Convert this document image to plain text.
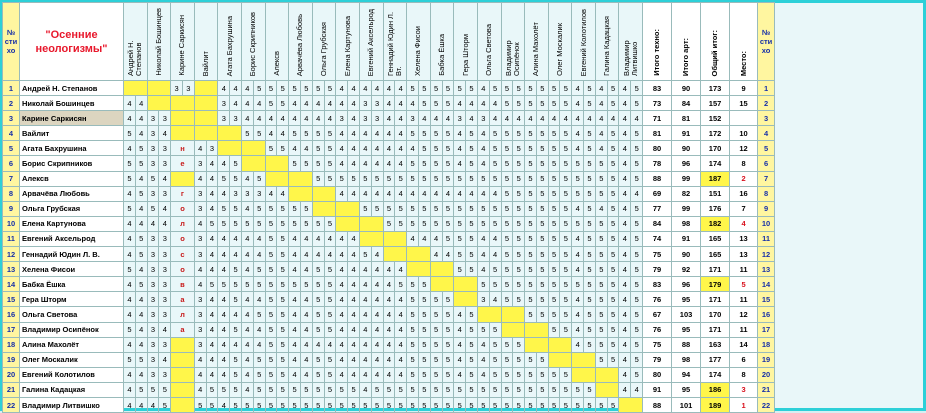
№ сти хо	"Осенние неологизмы"	Андрей Н. Степанов		Николай Бошинцев		Карине Саркисян		Вайлит		Агата Бахрушина		Борис Скрипников		Алексв		Арвачёва Любовь		Ольга Грубская		Елена Картунова		Евгений Аксельрод		Геннадий Юдин Л. Вт.		Хелена Фисои		Бабка Ёшка		Гера Шторм		Ольга Светова		Владимир Осипёнок		Алина Махолёт		Олег Москалик		Евгений Колотилов		Галина Кадацкая		Владимир Литвишко		Итого техно:	Итого арт:	Общий итог:	Место:	№ сти хо
1	Андрей Н. Степанов					3	3			4	4	4	5	5	5	5	5	5	5	4	4	4	4	4	4	5	5	5	5	5	5	4	5	5	5	5	5	5	5	4	5	4	5	4	5	83	90	173	9	1
2	Николай Бошинцев	4	4							3	4	4	4	5	5	4	4	4	4	4	4	3	3	4	4	4	5	5	5	4	4	4	4	5	5	5	5	5	5	4	5	4	5	4	5	73	84	157	15	2
3	Карине Саркисян	4	4	3	3					3	3	4	4	4	4	4	4	4	4	3	4	3	3	4	4	3	4	4	4	3	4	3	4	4	4	4	4	4	4	4	4	4	4	4	4	71	81	152		3
4	Вайлит	5	4	3	4							5	5	4	4	5	5	5	5	4	4	4	4	4	4	5	5	5	5	4	5	4	5	5	5	5	5	5	5	4	5	4	5	4	5	81	91	172	10	4
5	Агата Бахрушина	4	5	3	3	н		4	3					5	5	4	4	5	5	4	4	4	4	4	4	4	5	5	5	4	5	4	5	5	5	5	5	5	5	4	5	4	5	4	5	80	90	170	12	5
6	Борис Скрипников	5	5	3	3	е		3	4	4	5					5	5	5	5	4	4	4	4	4	4	5	5	5	5	4	5	4	5	5	5	5	5	5	5	5	5	5	5	4	5	78	96	174	8	6
7	Алексв	5	4	5	4			4	4	5	5	4	5					5	5	5	5	5	5	5	5	5	5	5	5	5	5	5	5	5	5	5	5	5	5	5	5	5	5	4	5	88	99	187	2	7
8	Арвачёва Любовь	4	5	3	3	г		3	4	4	3	3	3	4	4					4	4	4	4	4	4	4	4	4	4	4	4	4	4	5	5	5	5	5	5	5	5	5	5	4	4	69	82	151	16	8
9	Ольга Грубская	5	4	5	4	о		3	4	5	5	4	5	5	5	5	5					5	5	5	5	5	5	5	5	5	5	5	5	5	5	5	5	5	5	4	5	4	5	4	5	77	99	176	7	9
10	Елена Картунова	4	4	4	4	л		4	5	5	5	5	5	5	5	5	5	5	5					5	5	5	5	5	5	5	5	5	5	5	5	5	5	5	5	5	5	5	5	4	5	84	98	182	4	10
11	Евгений Аксельрод	4	5	3	3	о		3	4	4	4	4	4	5	5	4	4	4	4	4	4					4	4	4	5	5	5	4	4	5	5	5	5	5	5	4	5	5	5	4	5	74	91	165	13	11
12	Геннадий Юдин Л. В.	4	5	3	3	с		3	4	4	4	4	4	5	5	4	4	4	4	4	4	5	4					4	4	5	5	4	4	5	5	5	5	5	5	4	5	5	5	4	5	75	90	165	13	12
13	Хелена Фисои	5	4	3	3	о		4	4	4	5	4	5	5	5	4	4	5	5	4	4	4	4	4	4					5	5	4	5	5	5	5	5	5	5	4	5	5	5	4	5	79	92	171	11	13
14	Бабка Ёшка	4	5	3	3	в		4	5	5	5	5	5	5	5	5	5	5	5	4	4	4	4	4	5	5	5					5	5	5	5	5	5	5	5	5	5	5	5	4	5	83	96	179	5	14
15	Гера Шторм	4	4	3	3	а		3	4	4	5	4	4	5	5	4	4	5	5	4	4	4	4	4	4	5	5	5	5			3	4	5	5	5	5	5	5	4	5	5	5	4	5	76	95	171	11	15
16	Ольга Светова	4	4	3	3	л		3	4	4	4	4	5	5	5	4	4	5	5	4	4	4	4	4	4	5	5	5	5	4	5					5	5	5	5	4	5	5	5	4	5	67	103	170	12	16
17	Владимир Осипёнок	5	4	3	4	а		3	4	4	5	4	4	5	5	4	4	5	5	4	4	4	4	4	4	5	5	5	5	4	5	5	5					5	5	4	5	5	5	4	5	76	95	171	11	17
18	Алина Махолёт	4	4	3	3			3	4	4	4	4	4	5	5	4	4	4	4	4	4	4	4	4	4	5	5	5	5	4	5	4	5	5	5					4	5	5	5	4	5	75	88	163	14	18
19	Олег Москалик	5	5	3	4			4	4	4	5	4	5	5	5	4	4	5	5	4	4	4	4	4	4	5	5	5	5	4	5	4	5	5	5	5	5					5	5	4	5	79	98	177	6	19
20	Евгений Колотилов	4	4	3	3			4	4	4	5	4	5	5	5	4	4	5	5	4	4	4	4	4	4	5	5	5	5	4	5	4	5	5	5	5	5	5	5					4	5	80	94	174	8	20
21	Галина Кадацкая	4	5	5	5			4	5	5	5	4	5	5	5	5	5	5	5	5	5	4	5	5	5	5	5	5	5	5	5	5	5	5	5	5	5	5	5	5	5			4	4	91	95	186	3	21
22	Владимир Литвишко	4	4	4	5			5	5	4	5	5	5	5	5	5	5	5	5	5	5	5	5	5	5	5	5	5	5	5	5	5	5	5	5	5	5	5	5	5	5	5	5			88	101	189	1	22
